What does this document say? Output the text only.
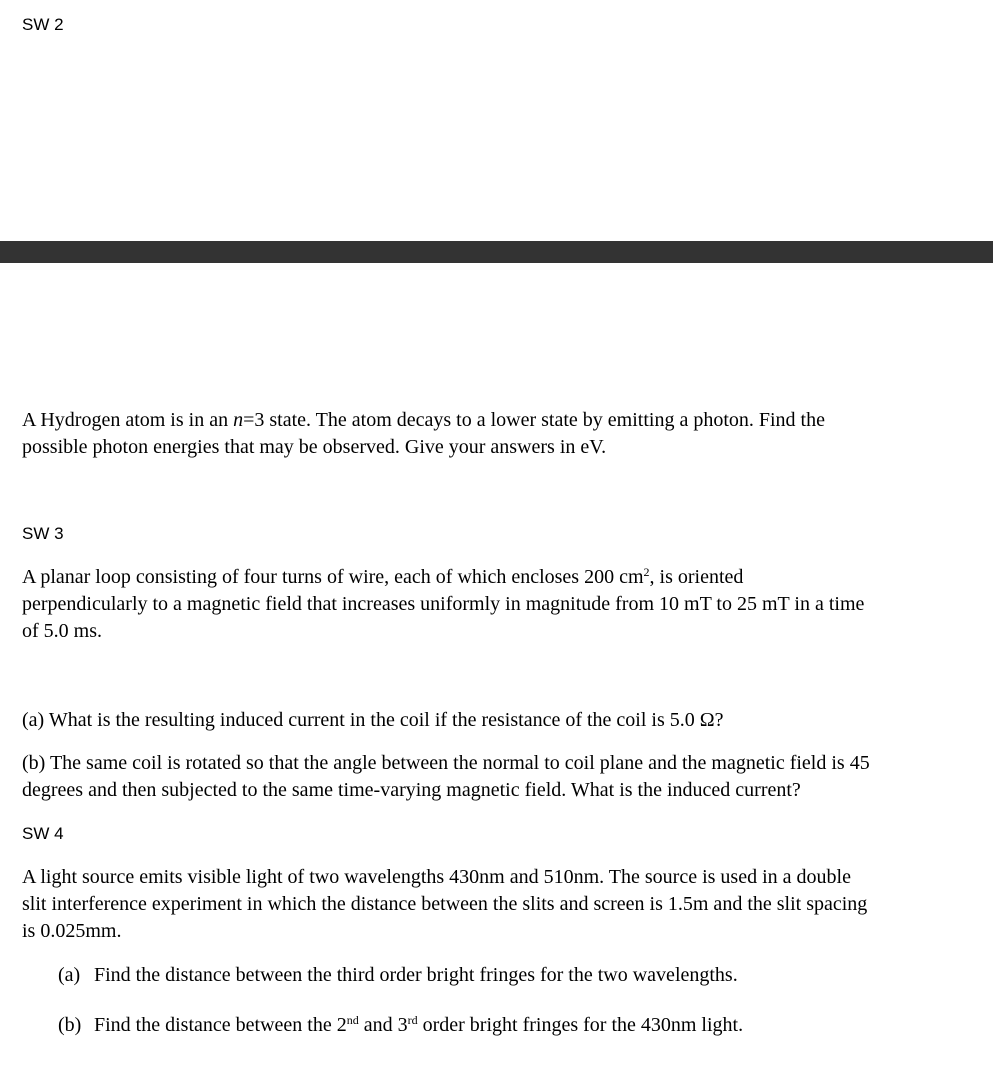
SW 2

A Hydrogen atom is in an n=3 state. The atom decays to a lower state by emitting a photon. Find the

possible photon energies that may be observed. Give your answers in eV.

SW 3

A planar loop consisting of four turns of wire, each of which encloses 200 $cm^2$, is oriented

perpendicularly to a magnetic field that increases uniformly in magnitude from 10 mT to 25 mT in a time

of 5.0 ms.

(a) What is the resulting induced current in the coil if the resistance of the coil is 5.0 Ω?

(b) The same coil is rotated so that the angle between the normal to coil plane and the magnetic field is 45

degrees and then subjected to the same time-varying magnetic field. What is the induced current?

SW 4

A light source emits visible light of two wavelengths 430nm and 510nm. The source is used in a double

slit interference experiment in which the distance between the slits and screen is 1.5m and the slit spacing

is 0.025mm.

(a) Find the distance between the third order bright fringes for the two wavelengths.

(b) Find the distance between the 2nd and 3rd order bright fringes for the 430nm light.
